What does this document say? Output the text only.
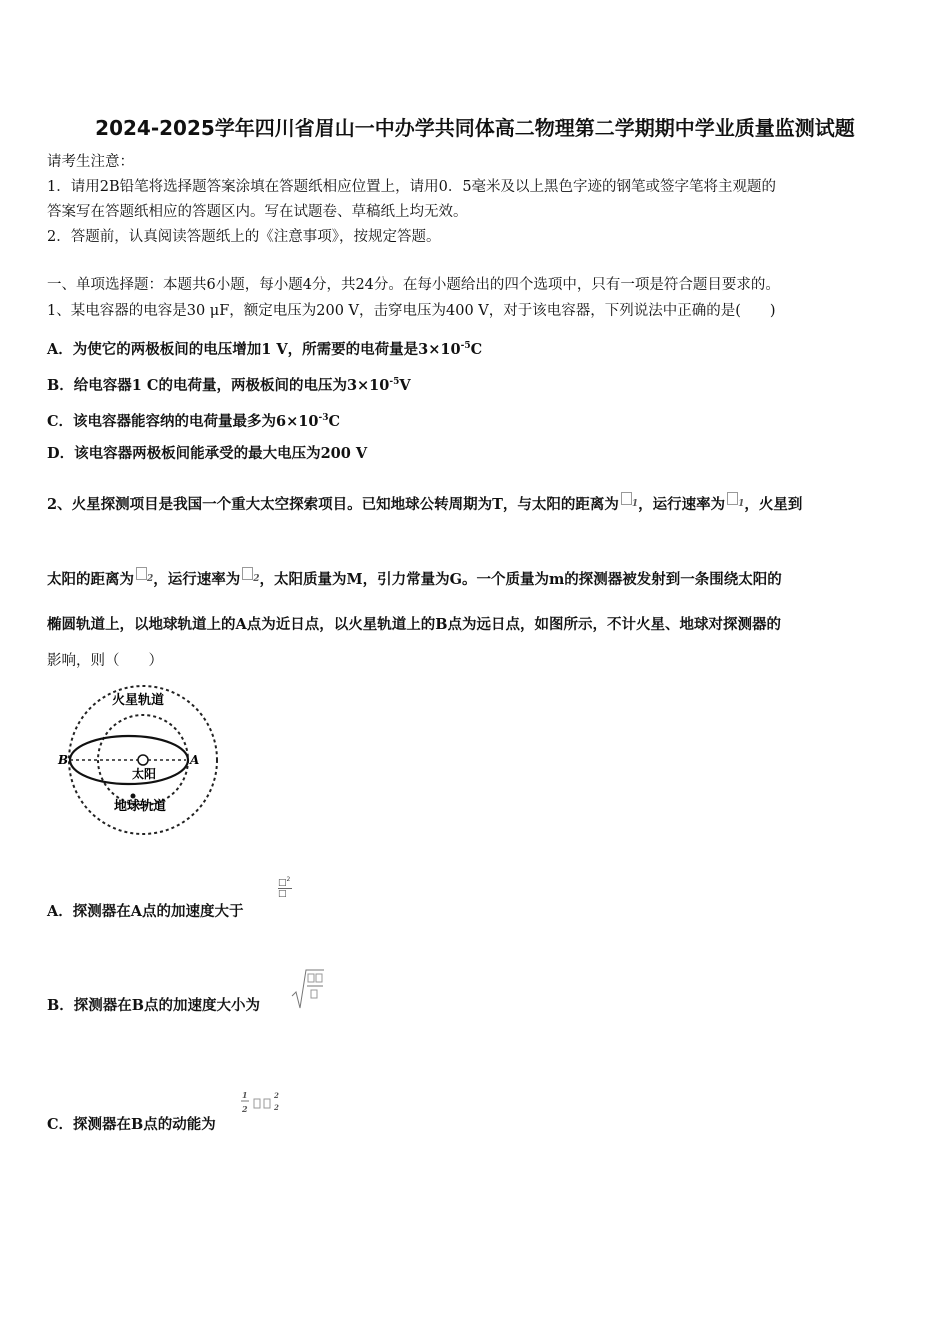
2024-2025学年四川省眉山一中办学共同体高二物理第二学期期中学业质量监测试题
请考生注意：
1．请用2B铅笔将选择题答案涂填在答题纸相应位置上，请用0．5毫米及以上黑色字迹的钢笔或签字笔将主观题的
答案写在答题纸相应的答题区内。写在试题卷、草稿纸上均无效。
2．答题前，认真阅读答题纸上的《注意事项》，按规定答题。
一、单项选择题：本题共6小题，每小题4分，共24分。在每小题给出的四个选项中，只有一项是符合题目要求的。
1、某电容器的电容是30 μF，额定电压为200 V，击穿电压为400 V，对于该电容器，下列说法中正确的是(　　)
A．为使它的两极板间的电压增加1 V，所需要的电荷量是$3\times 10^{-5}C$
B．给电容器1 C的电荷量，两极板间的电压为$3\times 10^{-5}V$
C．该电容器能容纳的电荷量最多为$6\times 10^{-3}C$
D．该电容器两极板间能承受的最大电压为200 V
2、火星探测项目是我国一个重大太空探索项目。已知地球公转周期为T，与太阳的距离为 $^1$，运行速率为 $^1$，火星到
太阳的距离为 $^2$，运行速率为 $^2$，太阳质量为M，引力常量为G。一个质量为m的探测器被发射到一条围绕太阳的
椭圆轨道上，以地球轨道上的A点为近日点，以火星轨道上的B点为远日点，如图所示，不计火星、地球对探测器的
影响，则（　　）
火星轨道
太阳
地球轨道
B	A
A．探测器在A点的加速度大于
□$^2$
□
B．探测器在B点的加速度大小为
C．探测器在B点的动能为
1
2
2
2
